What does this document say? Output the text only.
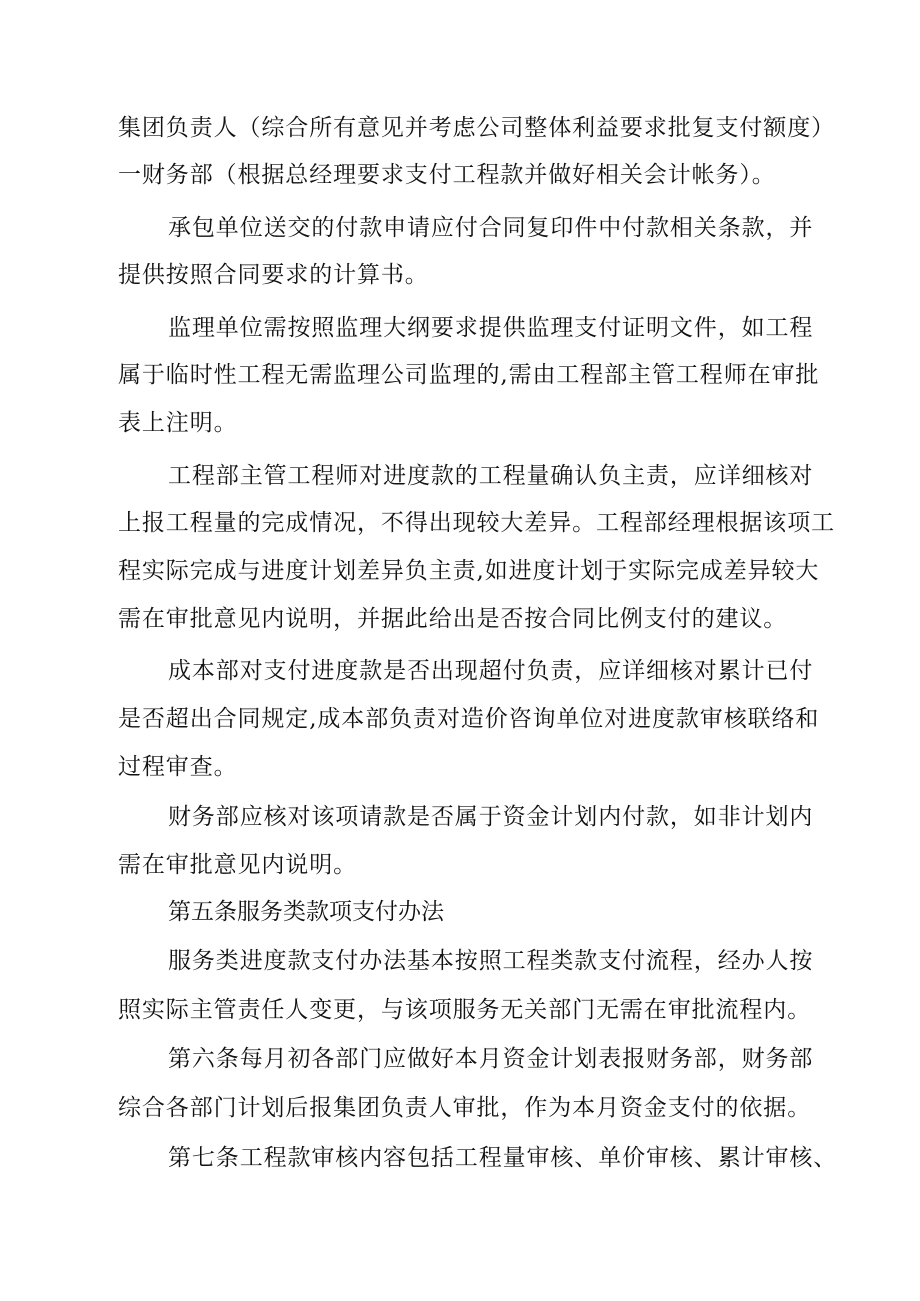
集团负责人（综合所有意见并考虑公司整体利益要求批复支付额度）
一财务部（根据总经理要求支付工程款并做好相关会计帐务）。
承包单位送交的付款申请应付合同复印件中付款相关条款，并
提供按照合同要求的计算书。
监理单位需按照监理大纲要求提供监理支付证明文件，如工程
属于临时性工程无需监理公司监理的,需由工程部主管工程师在审批
表上注明。
工程部主管工程师对进度款的工程量确认负主责，应详细核对
上报工程量的完成情况，不得出现较大差异。工程部经理根据该项工
程实际完成与进度计划差异负主责,如进度计划于实际完成差异较大
需在审批意见内说明，并据此给出是否按合同比例支付的建议。
成本部对支付进度款是否出现超付负责，应详细核对累计已付
是否超出合同规定,成本部负责对造价咨询单位对进度款审核联络和
过程审查。
财务部应核对该项请款是否属于资金计划内付款，如非计划内
需在审批意见内说明。
第五条服务类款项支付办法
服务类进度款支付办法基本按照工程类款支付流程，经办人按
照实际主管责任人变更，与该项服务无关部门无需在审批流程内。
第六条每月初各部门应做好本月资金计划表报财务部，财务部
综合各部门计划后报集团负责人审批，作为本月资金支付的依据。
第七条工程款审核内容包括工程量审核、单价审核、累计审核、
